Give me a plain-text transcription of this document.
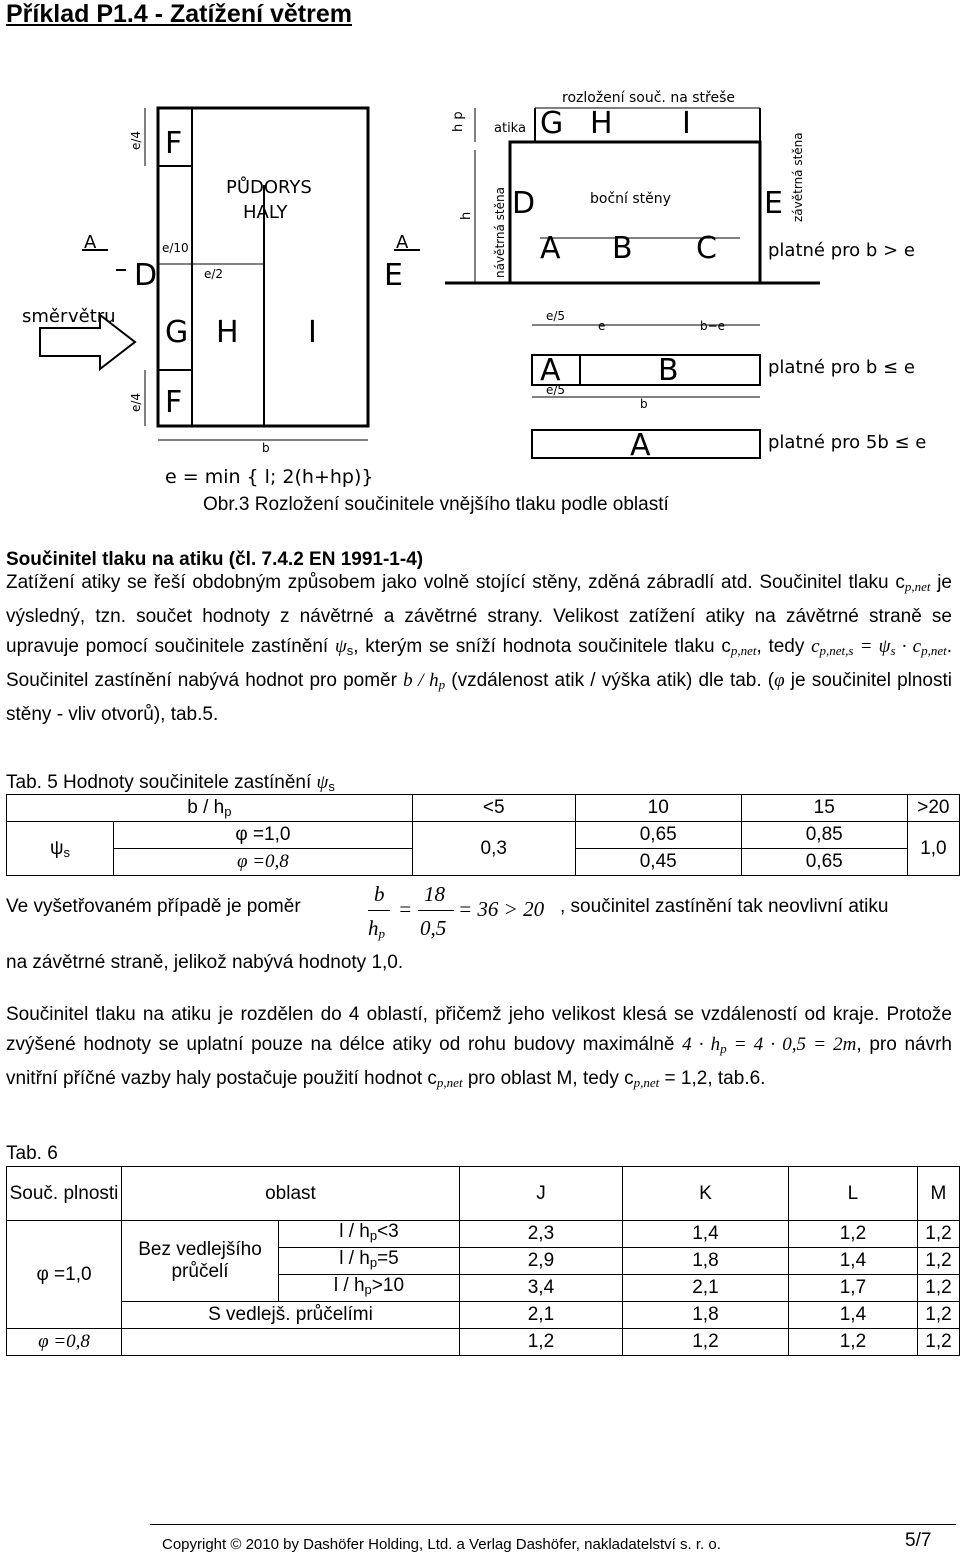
Příklad P1.4 - Zatížení větrem
F
D
G H I
F
E
PŮDORYS
HALY
e/4
e/4
e/10
e/2
b
A	A
směr větru
e = min { l; 2(h+hp)}
rozložení souč. na střeše
h p
h
atika G H I
D	E
A B C
návětrná stěna
závětrná stěna
boční stěny
platné pro b > e
e/5
e	b−e
A	B	platné pro b ≤ e
e/5
b
A	platné pro 5b ≤ e
Obr.3 Rozložení součinitele vnějšího tlaku podle oblastí
Součinitel tlaku na atiku (čl. 7.4.2 EN 1991-1-4)
Zatížení atiky se řeší obdobným způsobem jako volně stojící stěny, zděná zábradlí atd. Součinitel tlaku $c_{p,net}$ je výsledný, tzn. součet hodnoty z návětrné a závětrné strany. Velikost zatížení atiky na závětrné straně se upravuje pomocí součinitele zastínění $\psi_s$, kterým se sníží hodnota součinitele tlaku $c_{p,net}$, tedy $c_{p,net,s} = \psi_s \cdot c_{p,net}$. Součinitel zastínění nabývá hodnot pro poměr b / $h_p$ (vzdálenost atik / výška atik) dle tab. (φ je součinitel plnosti stěny - vliv otvorů), tab.5.
Tab. 5 Hodnoty součinitele zastínění $\psi_s$
b / $h_p$		<5	10	15	>20
$\psi_s$	φ =1,0	0,3	0,65	0,85	1,0
	φ =0,8		0,45	0,65	
Ve vyšetřovaném případě je poměr
b
$h_p$
=
18
0,5
= 36 > 20 , součinitel zastínění tak neovlivní atiku
na závětrné straně, jelikož nabývá hodnoty 1,0.
Součinitel tlaku na atiku je rozdělen do 4 oblastí, přičemž jeho velikost klesá se vzdáleností od kraje. Protože zvýšené hodnoty se uplatní pouze na délce atiky od rohu budovy maximálně $4 \cdot h_p = 4 \cdot 0,5 = 2m$, pro návrh vnitřní příčné vazby haly postačuje použití hodnot $c_{p,net}$ pro oblast M, tedy $c_{p,net} = 1,2$, tab.6.
Tab. 6
Souč. plnosti	oblast		J	K	L	M
φ =1,0	Bez vedlejšího průčelí	$l / h_p<3$	2,3	1,4	1,2	1,2
		$l / h_p=5$	2,9	1,8	1,4	1,2
		$l / h_p>10$	3,4	2,1	1,7	1,2
	S vedlejš. průčelími		2,1	1,8	1,4	1,2
φ =0,8			1,2	1,2	1,2	1,2
Copyright © 2010 by Dashöfer Holding, Ltd. a Verlag Dashöfer, nakladatelství s. r. o.	5/7
